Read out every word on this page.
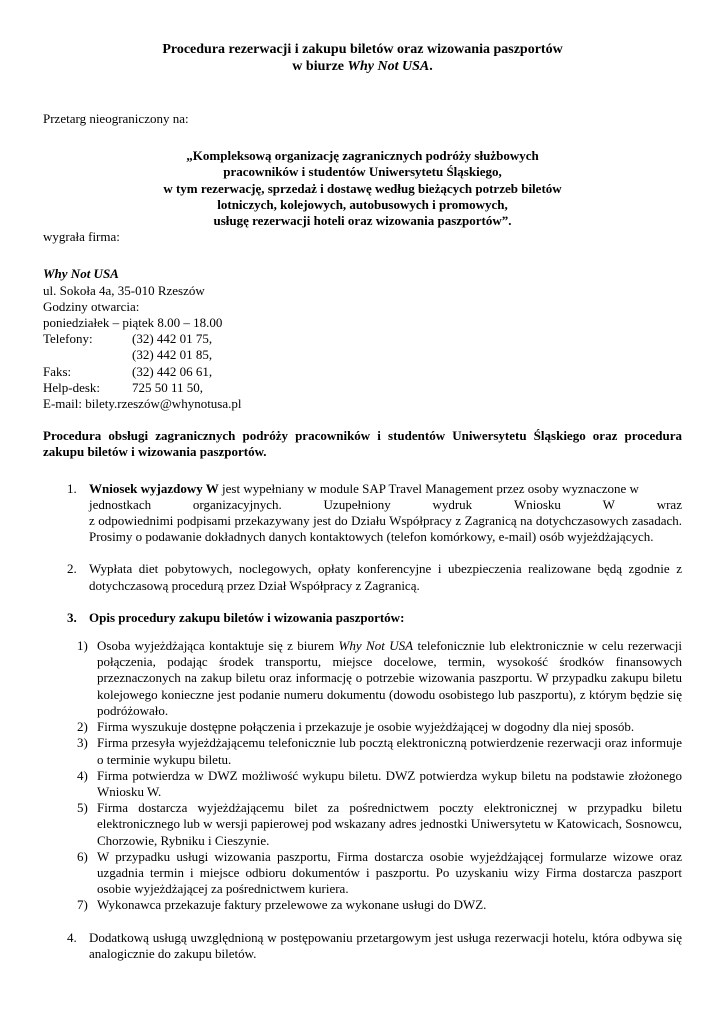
Procedura rezerwacji i zakupu biletów oraz wizowania paszportów
w biurze Why Not USA.
Przetarg nieograniczony na:
„Kompleksową organizację zagranicznych podróży służbowych
pracowników i studentów Uniwersytetu Śląskiego,
w tym rezerwację, sprzedaż i dostawę według bieżących potrzeb biletów
lotniczych, kolejowych, autobusowych i promowych,
usługę rezerwacji hoteli oraz wizowania paszportów”.
wygrała firma:
Why Not USA
ul. Sokoła 4a, 35-010 Rzeszów
Godziny otwarcia:
poniedziałek – piątek 8.00 – 18.00
Telefony:	(32) 442 01 75,
(32) 442 01 85,
Faks:	(32) 442 06 61,
Help-desk:	725 50 11 50,
E-mail: bilety.rzeszów@whynotusa.pl
Procedura obsługi zagranicznych podróży pracowników i studentów Uniwersytetu Śląskiego oraz procedura zakupu biletów i wizowania paszportów.
1. Wniosek wyjazdowy W jest wypełniany w module SAP Travel Management przez osoby wyznaczone w
jednostkach	organizacyjnych.	Uzupełniony	wydruk	Wniosku	W	wraz
z odpowiednimi podpisami przekazywany jest do Działu Współpracy z Zagranicą na dotychczasowych zasadach. Prosimy o podawanie dokładnych danych kontaktowych (telefon komórkowy, e-mail) osób wyjeżdżających.
2. Wypłata diet pobytowych, noclegowych, opłaty konferencyjne i ubezpieczenia realizowane będą zgodnie z dotychczasową procedurą przez Dział Współpracy z Zagranicą.
3. Opis procedury zakupu biletów i wizowania paszportów:
1) Osoba wyjeżdżająca kontaktuje się z biurem Why Not USA telefonicznie lub elektronicznie w celu rezerwacji połączenia, podając środek transportu, miejsce docelowe, termin, wysokość środków finansowych przeznaczonych na zakup biletu oraz informację o potrzebie wizowania paszportu. W przypadku zakupu biletu kolejowego konieczne jest podanie numeru dokumentu (dowodu osobistego lub paszportu), z którym będzie się podróżowało.
2) Firma wyszukuje dostępne połączenia i przekazuje je osobie wyjeżdżającej w dogodny dla niej sposób.
3) Firma przesyła wyjeżdżającemu telefonicznie lub pocztą elektroniczną potwierdzenie rezerwacji oraz informuje o terminie wykupu biletu.
4) Firma potwierdza w DWZ możliwość wykupu biletu. DWZ potwierdza wykup biletu na podstawie złożonego Wniosku W.
5) Firma dostarcza wyjeżdżającemu bilet za pośrednictwem poczty elektronicznej w przypadku biletu elektronicznego lub w wersji papierowej pod wskazany adres jednostki Uniwersytetu w Katowicach, Sosnowcu, Chorzowie, Rybniku i Cieszynie.
6) W przypadku usługi wizowania paszportu, Firma dostarcza osobie wyjeżdżającej formularze wizowe oraz uzgadnia termin i miejsce odbioru dokumentów i paszportu. Po uzyskaniu wizy Firma dostarcza paszport osobie wyjeżdżającej za pośrednictwem kuriera.
7) Wykonawca przekazuje faktury przelewowe za wykonane usługi do DWZ.
4. Dodatkową usługą uwzględnioną w postępowaniu przetargowym jest usługa rezerwacji hotelu, która odbywa się analogicznie do zakupu biletów.
